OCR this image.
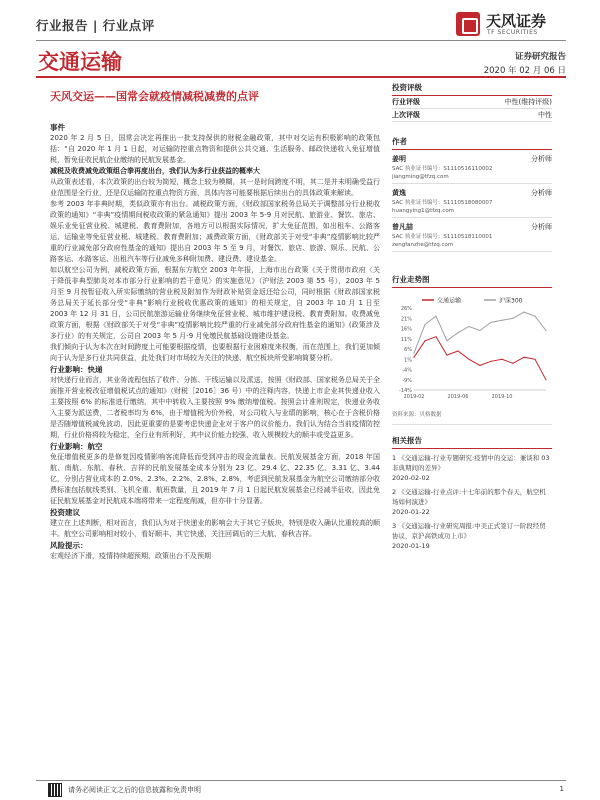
行业报告 | 行业点评	天风证券
TF SECURITIES
交通运输	证券研究报告
2020 年 02 月 06 日
天风交运——国常会就疫情减税减费的点评
事件
2020 年 2 月 5 日，国常会决定再推出一批支持保供的财税金融政策，其中对交运有积极影响的政策包括：“自 2020 年 1 月 1 日起，对运输防控重点物资和提供公共交通、生活服务、邮政快递收入免征增值税，暂免征收民航企业缴纳的民航发展基金。
减税及收费减免政策组合拳再度出台，我们认为多行业获益的概率大
从政策表述看，本次政策的出台较为简短，概念上较为模糊，其一是时间跨度不明，其二是并未明确受益行业范围是全行业，还是仅运输防控重点物资方面，具体内容可能要根据后续出台的具体政策来解读。
参考 2003 年非典时期，类似政策亦有出台。减税政策方面，《财政部国家税务总局关于调整部分行业税收政策的通知》“非典”疫情期间税收政策的紧急通知》提出 2003 年 5-9 月对民航、旅游业、餐饮、旅店、娱乐业免征营业税、城建税、教育费附加，各地方可以根据实际情况，扩大免征范围，如出租车、公路客运、运输业等免征营业税、城建税、教育费附加；减费政策方面，《财政部关于对受“非典”疫情影响比较严重的行业减免部分政府性基金的通知》提出自 2003 年 5 至 9 月，对餐饮、旅店、旅游、娱乐、民航、公路客运、水路客运、出租汽车等行业减免多种附加费、建设费、建设基金。
如以航空公司为例，减税政策方面，根据东方航空 2003 年年报，上海市出台政策《关于贯彻市政府〈关于降低非典型肺炎对本市部分行业影响的若干意见〉的实施意见》（沪财法 2003 第 55 号），2003 年 5 月至 9 月按暂征收入所实际缴纳的营业税及附加作为财政补贴资金返还给公司，同时根据《财政部国家税务总局关于延长部分受“非典”影响行业税收优惠政策的通知》的相关规定，自 2003 年 10 月 1 日至 2003 年 12 月 31 日，公司民航旅游运输业务继续免征营业税、城市维护建设税、教育费附加。收费减免政策方面，根据《财政部关于对受“非典”疫情影响比较严重的行业减免部分政府性基金的通知》(政策涉及多行业）的有关规定，公司自 2003 年 5 月-9 月免缴民航基础设施建设基金。
我们倾向于认为本次在时间跨度上可能要根据疫情，也要根据行业困难度来权衡，而在范围上，我们更加倾向于认为是多行业共同获益，此处我们对市场较为关注的快递、航空板块所受影响简要分析。
行业影响：快递
对快递行业而言，其业务流程包括了收件、分拣、干线运输以及派送，按照《财政部、国家税务总局关于全面推开营业税改征增值税试点的通知》（财税［2016］36 号）中的注释内容，快递上市企业其快递业收入主要按照 6% 的标准进行缴纳，其中中转收入主要按照 9% 缴纳增值税。按照会计准则规定，快递业务收入主要为派送费，二者税率均为 6%，由于增值税为价外税，对公司收入与业绩的影响，核心在于含税价格是否随增值税减免波动，因此更重要的是要考虑快递企业对于客户的议价能力。我们认为结合当前疫情防控期，行业价格将较为稳定，全行业有所利好，其中议价能力较强、收入规模较大的顺丰或受益更多。
行业影响：航空
免征增值税更多的是修复因疫情影响客流降低而受到冲击的现金流量表。民航发展基金方面，2018 年国航、南航、东航、春秋、吉祥的民航发展基金成本分别为 23 亿、29.4 亿、22.35 亿、3.31 亿、3.44 亿，分别占营业成本的 2.0%、2.3%、2.2%、2.8%、2.8%，考虑到民航发展基金为航空公司缴纳部分收费标准包括航线类别、飞机全重、航班数量，且 2019 年 7 月 1 日起民航发展基金已经减半征收，因此免征民航发展基金对民航成本端将带来一定程度削减，但亦非十分显著。
投资建议
建立在上述判断，相对而言，我们认为对于快递业的影响会大于其它子版块，特别是收入确认比重较高的顺丰。航空公司影响相对较小，看好顺丰、其它快递、关注回调后的三大航、春秋吉祥。
风险提示：
宏观经济下滑，疫情持续超预期，政策出台不及预期
投资评级
行业评级	中性(维持评级)
上次评级	中性
作者
姜明	分析师
SAC 执业证书编号：S1110516110002
jiangming@tfzq.com
黄逸	分析师
SAC 执业证书编号：S1110518080007
huangying1@tfzq.com
曾凡喆	分析师
SAC 执业证书编号：S1110518110001
zengfanzhe@tfzq.com
行业走势图
交通运输	沪深300
26%
21%
16%
11%
6%
1%
-4%
-9%
-14%
2019-02	2019-06	2019-10
资料来源：贝格数据
相关报告
1 《交通运输-行业专题研究:疫情中的交运：兼谈和 03 非典期间的差异》
2020-02-02
2 《交通运输-行业点评:十七年前的那个春天，航空机场如何演进》
2020-01-22
3 《交通运输-行业研究周报:中美正式签订一阶段经贸协议，京沪高铁成功上市》
2020-01-19
请务必阅读正文之后的信息披露和免责申明	1
